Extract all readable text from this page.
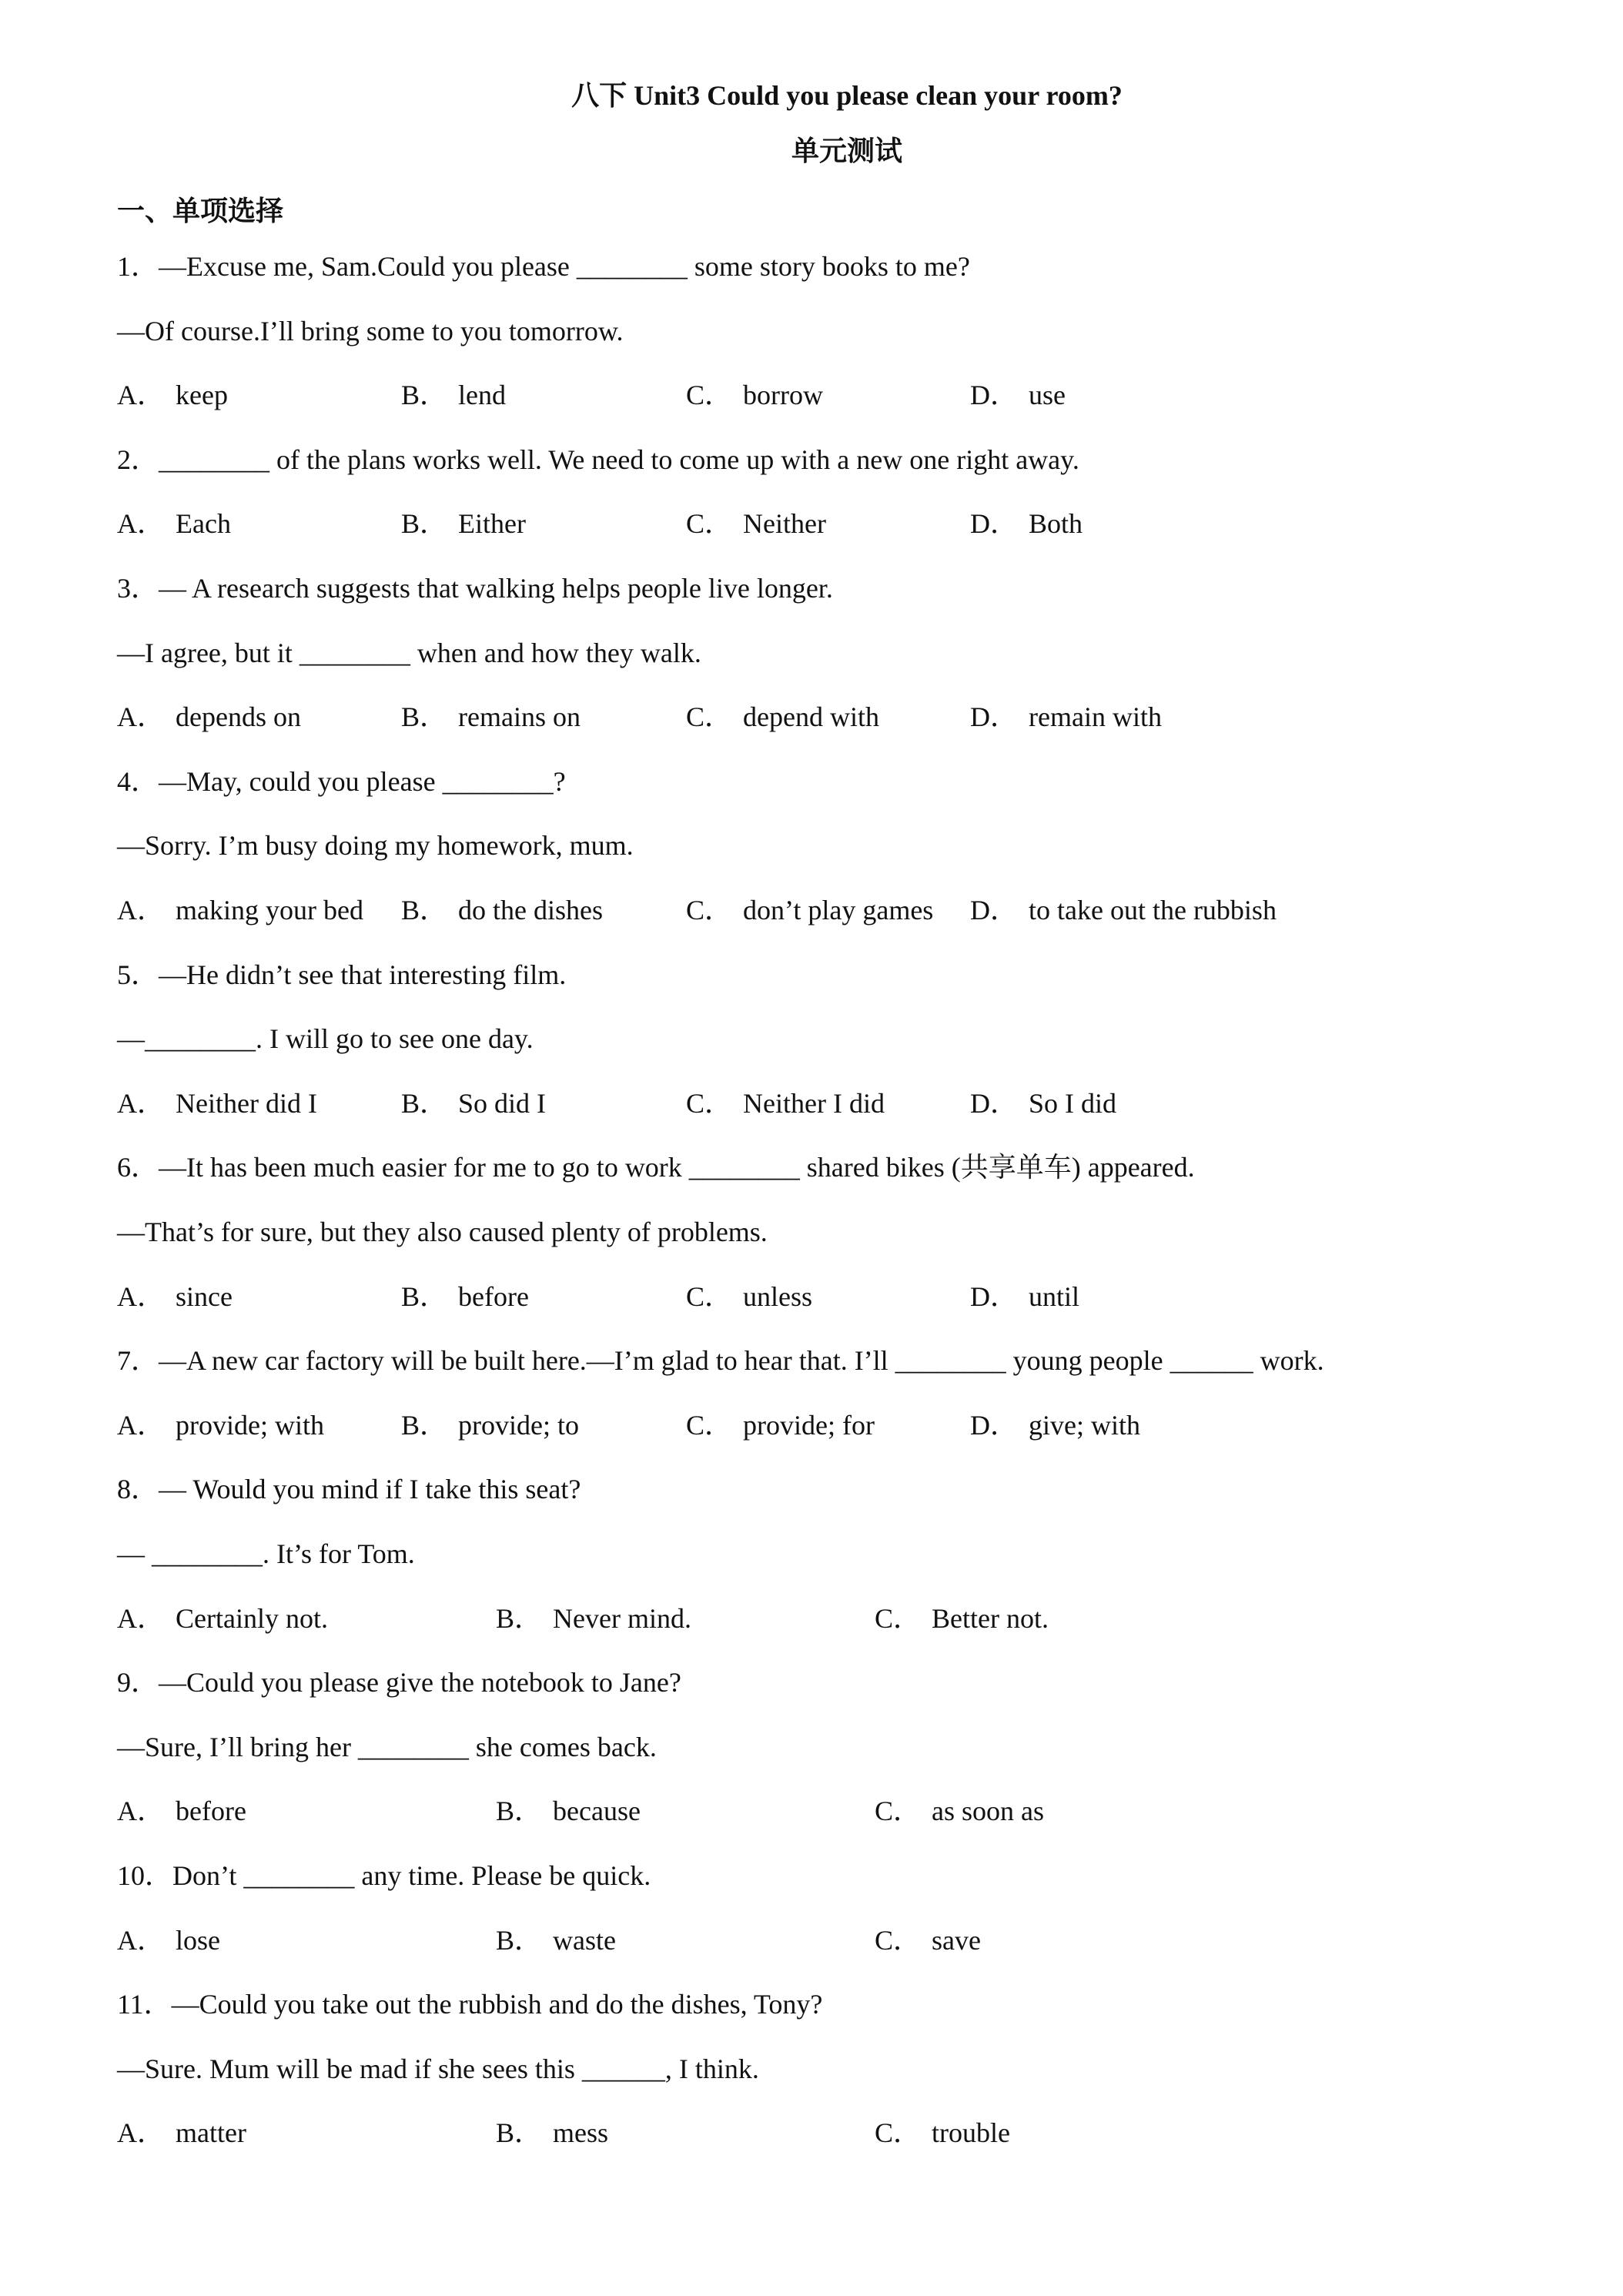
八下 Unit3 Could you please clean your room?
单元测试
一、单项选择
1．—Excuse me, Sam.Could you please ________ some story books to me?
—Of course.I’ll bring some to you tomorrow.
A． keep	B． lend	C． borrow	D． use
2．________ of the plans works well. We need to come up with a new one right away.
A． Each	B． Either	C． Neither	D． Both
3．— A research suggests that walking helps people live longer.
—I agree, but it ________ when and how they walk.
A． depends on	B． remains on	C． depend with	D． remain with
4．—May, could you please ________?
—Sorry. I’m busy doing my homework, mum.
A． making your bed B． do the dishes	C． don’t play games D． to take out the rubbish
5．—He didn’t see that interesting film.
—________. I will go to see one day.
A． Neither did I	B． So did I	C． Neither I did	D． So I did
6．—It has been much easier for me to go to work ________ shared bikes (共享单车) appeared.
—That’s for sure, but they also caused plenty of problems.
A． since	B． before	C． unless	D． until
7．—A new car factory will be built here.—I’m glad to hear that. I’ll ________ young people ______ work.
A． provide; with	B． provide; to	C． provide; for	D． give; with
8．— Would you mind if I take this seat?
— ________. It’s for Tom.
A． Certainly not.	B． Never mind.	C． Better not.
9．—Could you please give the notebook to Jane?
—Sure, I’ll bring her ________ she comes back.
A． before	B． because	C． as soon as
10．Don’t ________ any time. Please be quick.
A． lose	B． waste	C． save
11．—Could you take out the rubbish and do the dishes, Tony?
—Sure. Mum will be mad if she sees this ______, I think.
A． matter	B． mess	C． trouble
